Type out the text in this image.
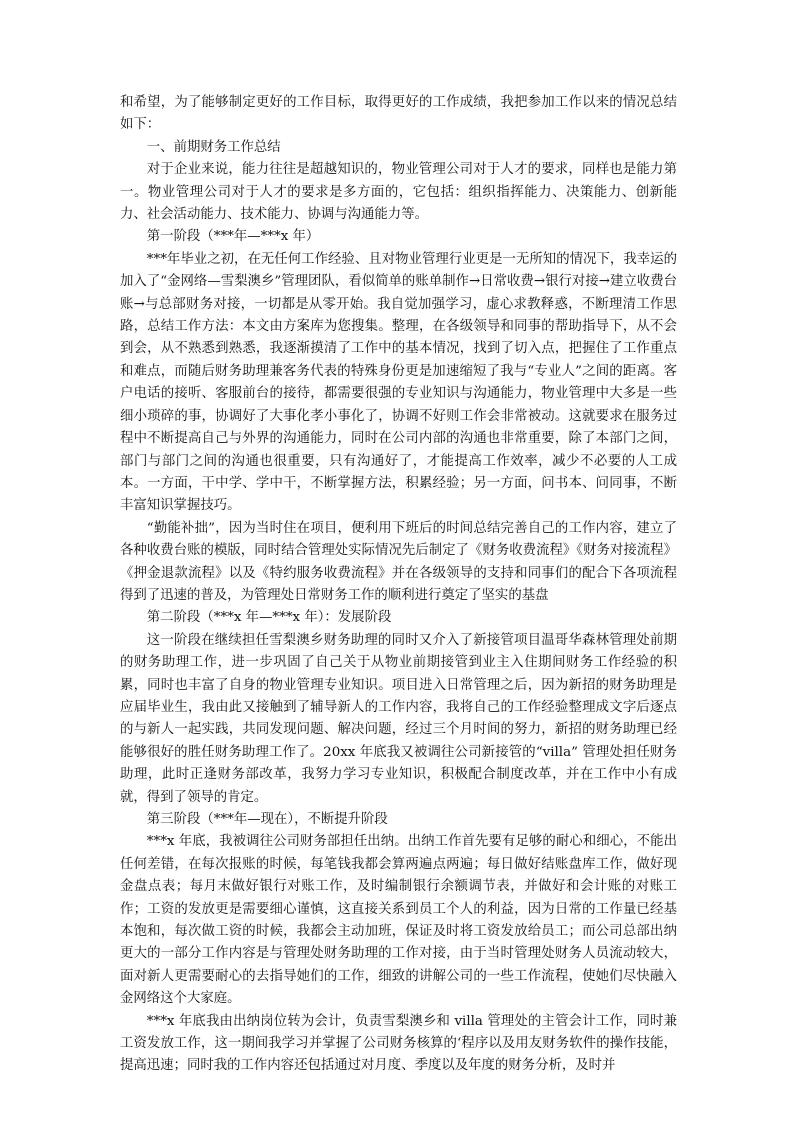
和希望，为了能够制定更好的工作目标，取得更好的工作成绩，我把参加工作以来的情况总结如下：

一、前期财务工作总结

对于企业来说，能力往往是超越知识的，物业管理公司对于人才的要求，同样也是能力第一。物业管理公司对于人才的要求是多方面的，它包括：组织指挥能力、决策能力、创新能力、社会活动能力、技术能力、协调与沟通能力等。

第一阶段（***年—***x 年）

***年毕业之初，在无任何工作经验、且对物业管理行业更是一无所知的情况下，我幸运的加入了“金网络—雪梨澳乡”管理团队，看似简单的账单制作→日常收费→银行对接→建立收费台账→与总部财务对接，一切都是从零开始。我自觉加强学习，虚心求教释惑，不断理清工作思路，总结工作方法：本文由方案库为您搜集。整理，在各级领导和同事的帮助指导下，从不会到会，从不熟悉到熟悉，我逐渐摸清了工作中的基本情况，找到了切入点，把握住了工作重点和难点，而随后财务助理兼客务代表的特殊身份更是加速缩短了我与“专业人”之间的距离。客户电话的接听、客服前台的接待，都需要很强的专业知识与沟通能力，物业管理中大多是一些细小琐碎的事，协调好了大事化孝小事化了，协调不好则工作会非常被动。这就要求在服务过程中不断提高自己与外界的沟通能力，同时在公司内部的沟通也非常重要，除了本部门之间，部门与部门之间的沟通也很重要，只有沟通好了，才能提高工作效率，减少不必要的人工成本。一方面，干中学、学中干，不断掌握方法，积累经验；另一方面，问书本、问同事，不断丰富知识掌握技巧。

“勤能补拙”，因为当时住在项目，便利用下班后的时间总结完善自己的工作内容，建立了各种收费台账的模版，同时结合管理处实际情况先后制定了《财务收费流程》《财务对接流程》《押金退款流程》以及《特约服务收费流程》并在各级领导的支持和同事们的配合下各项流程得到了迅速的普及，为管理处日常财务工作的顺利进行奠定了坚实的基盘

第二阶段（***x 年—***x 年）：发展阶段

这一阶段在继续担任雪梨澳乡财务助理的同时又介入了新接管项目温哥华森林管理处前期的财务助理工作，进一步巩固了自己关于从物业前期接管到业主入住期间财务工作经验的积累，同时也丰富了自身的物业管理专业知识。项目进入日常管理之后，因为新招的财务助理是应届毕业生，我由此又接触到了辅导新人的工作内容，我将自己的工作经验整理成文字后逐点的与新人一起实践，共同发现问题、解决问题，经过三个月时间的努力，新招的财务助理已经能够很好的胜任财务助理工作了。20xx 年底我又被调往公司新接管的“villa” 管理处担任财务助理，此时正逢财务部改革，我努力学习专业知识，积极配合制度改革，并在工作中小有成就，得到了领导的肯定。

第三阶段（***年—现在），不断提升阶段

***x 年底，我被调往公司财务部担任出纳。出纳工作首先要有足够的耐心和细心，不能出任何差错，在每次报账的时候，每笔钱我都会算两遍点两遍；每日做好结账盘库工作，做好现金盘点表；每月末做好银行对账工作，及时编制银行余额调节表，并做好和会计账的对账工作；工资的发放更是需要细心谨慎，这直接关系到员工个人的利益，因为日常的工作量已经基本饱和，每次做工资的时候，我都会主动加班，保证及时将工资发放给员工；而公司总部出纳更大的一部分工作内容是与管理处财务助理的工作对接，由于当时管理处财务人员流动较大，面对新人更需要耐心的去指导她们的工作，细致的讲解公司的一些工作流程，使她们尽快融入金网络这个大家庭。

***x 年底我由出纳岗位转为会计，负责雪梨澳乡和 villa 管理处的主管会计工作，同时兼工资发放工作，这一期间我学习并掌握了公司财务核算的‘程序以及用友财务软件的操作技能，提高迅速；同时我的工作内容还包括通过对月度、季度以及年度的财务分析，及时并
